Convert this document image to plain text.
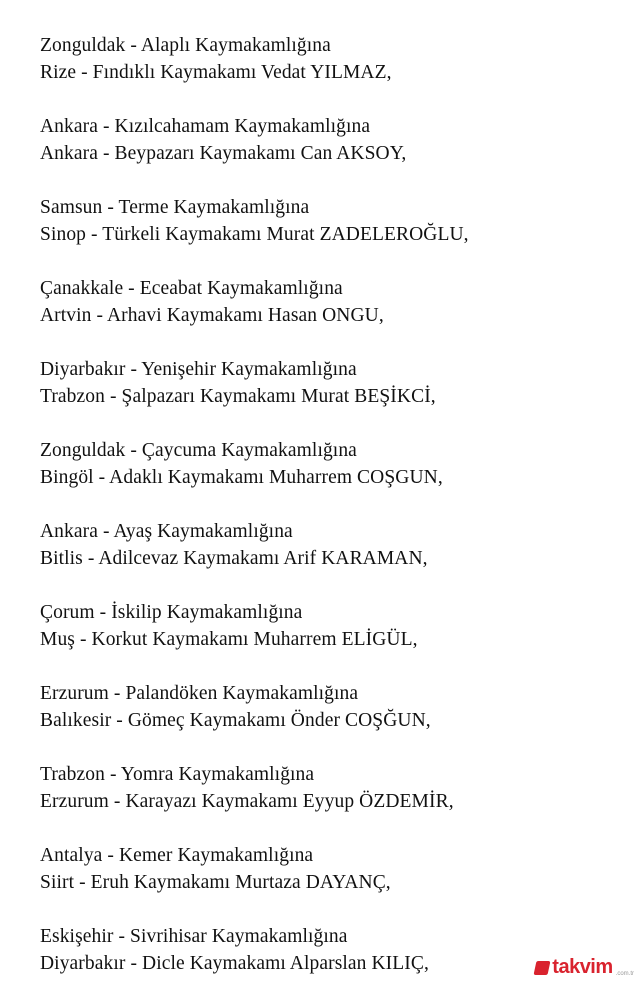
Zonguldak - Alaplı Kaymakamlığına
Rize - Fındıklı Kaymakamı Vedat YILMAZ,
Ankara - Kızılcahamam Kaymakamlığına
Ankara - Beypazarı Kaymakamı Can AKSOY,
Samsun - Terme Kaymakamlığına
Sinop - Türkeli Kaymakamı Murat ZADELEROĞLU,
Çanakkale - Eceabat Kaymakamlığına
Artvin - Arhavi Kaymakamı Hasan ONGU,
Diyarbakır - Yenişehir Kaymakamlığına
Trabzon - Şalpazarı Kaymakamı Murat BEŞİKCİ,
Zonguldak - Çaycuma Kaymakamlığına
Bingöl - Adaklı Kaymakamı Muharrem COŞGUN,
Ankara - Ayaş Kaymakamlığına
Bitlis - Adilcevaz Kaymakamı Arif KARAMAN,
Çorum - İskilip Kaymakamlığına
Muş - Korkut Kaymakamı Muharrem ELİGÜL,
Erzurum - Palandöken Kaymakamlığına
Balıkesir - Gömeç Kaymakamı Önder COŞĞUN,
Trabzon - Yomra Kaymakamlığına
Erzurum - Karayazı Kaymakamı Eyyup ÖZDEMİR,
Antalya - Kemer Kaymakamlığına
Siirt - Eruh Kaymakamı Murtaza DAYANÇ,
Eskişehir - Sivrihisar Kaymakamlığına
Diyarbakır - Dicle Kaymakamı Alparslan KILIÇ,	takvim .com.tr
